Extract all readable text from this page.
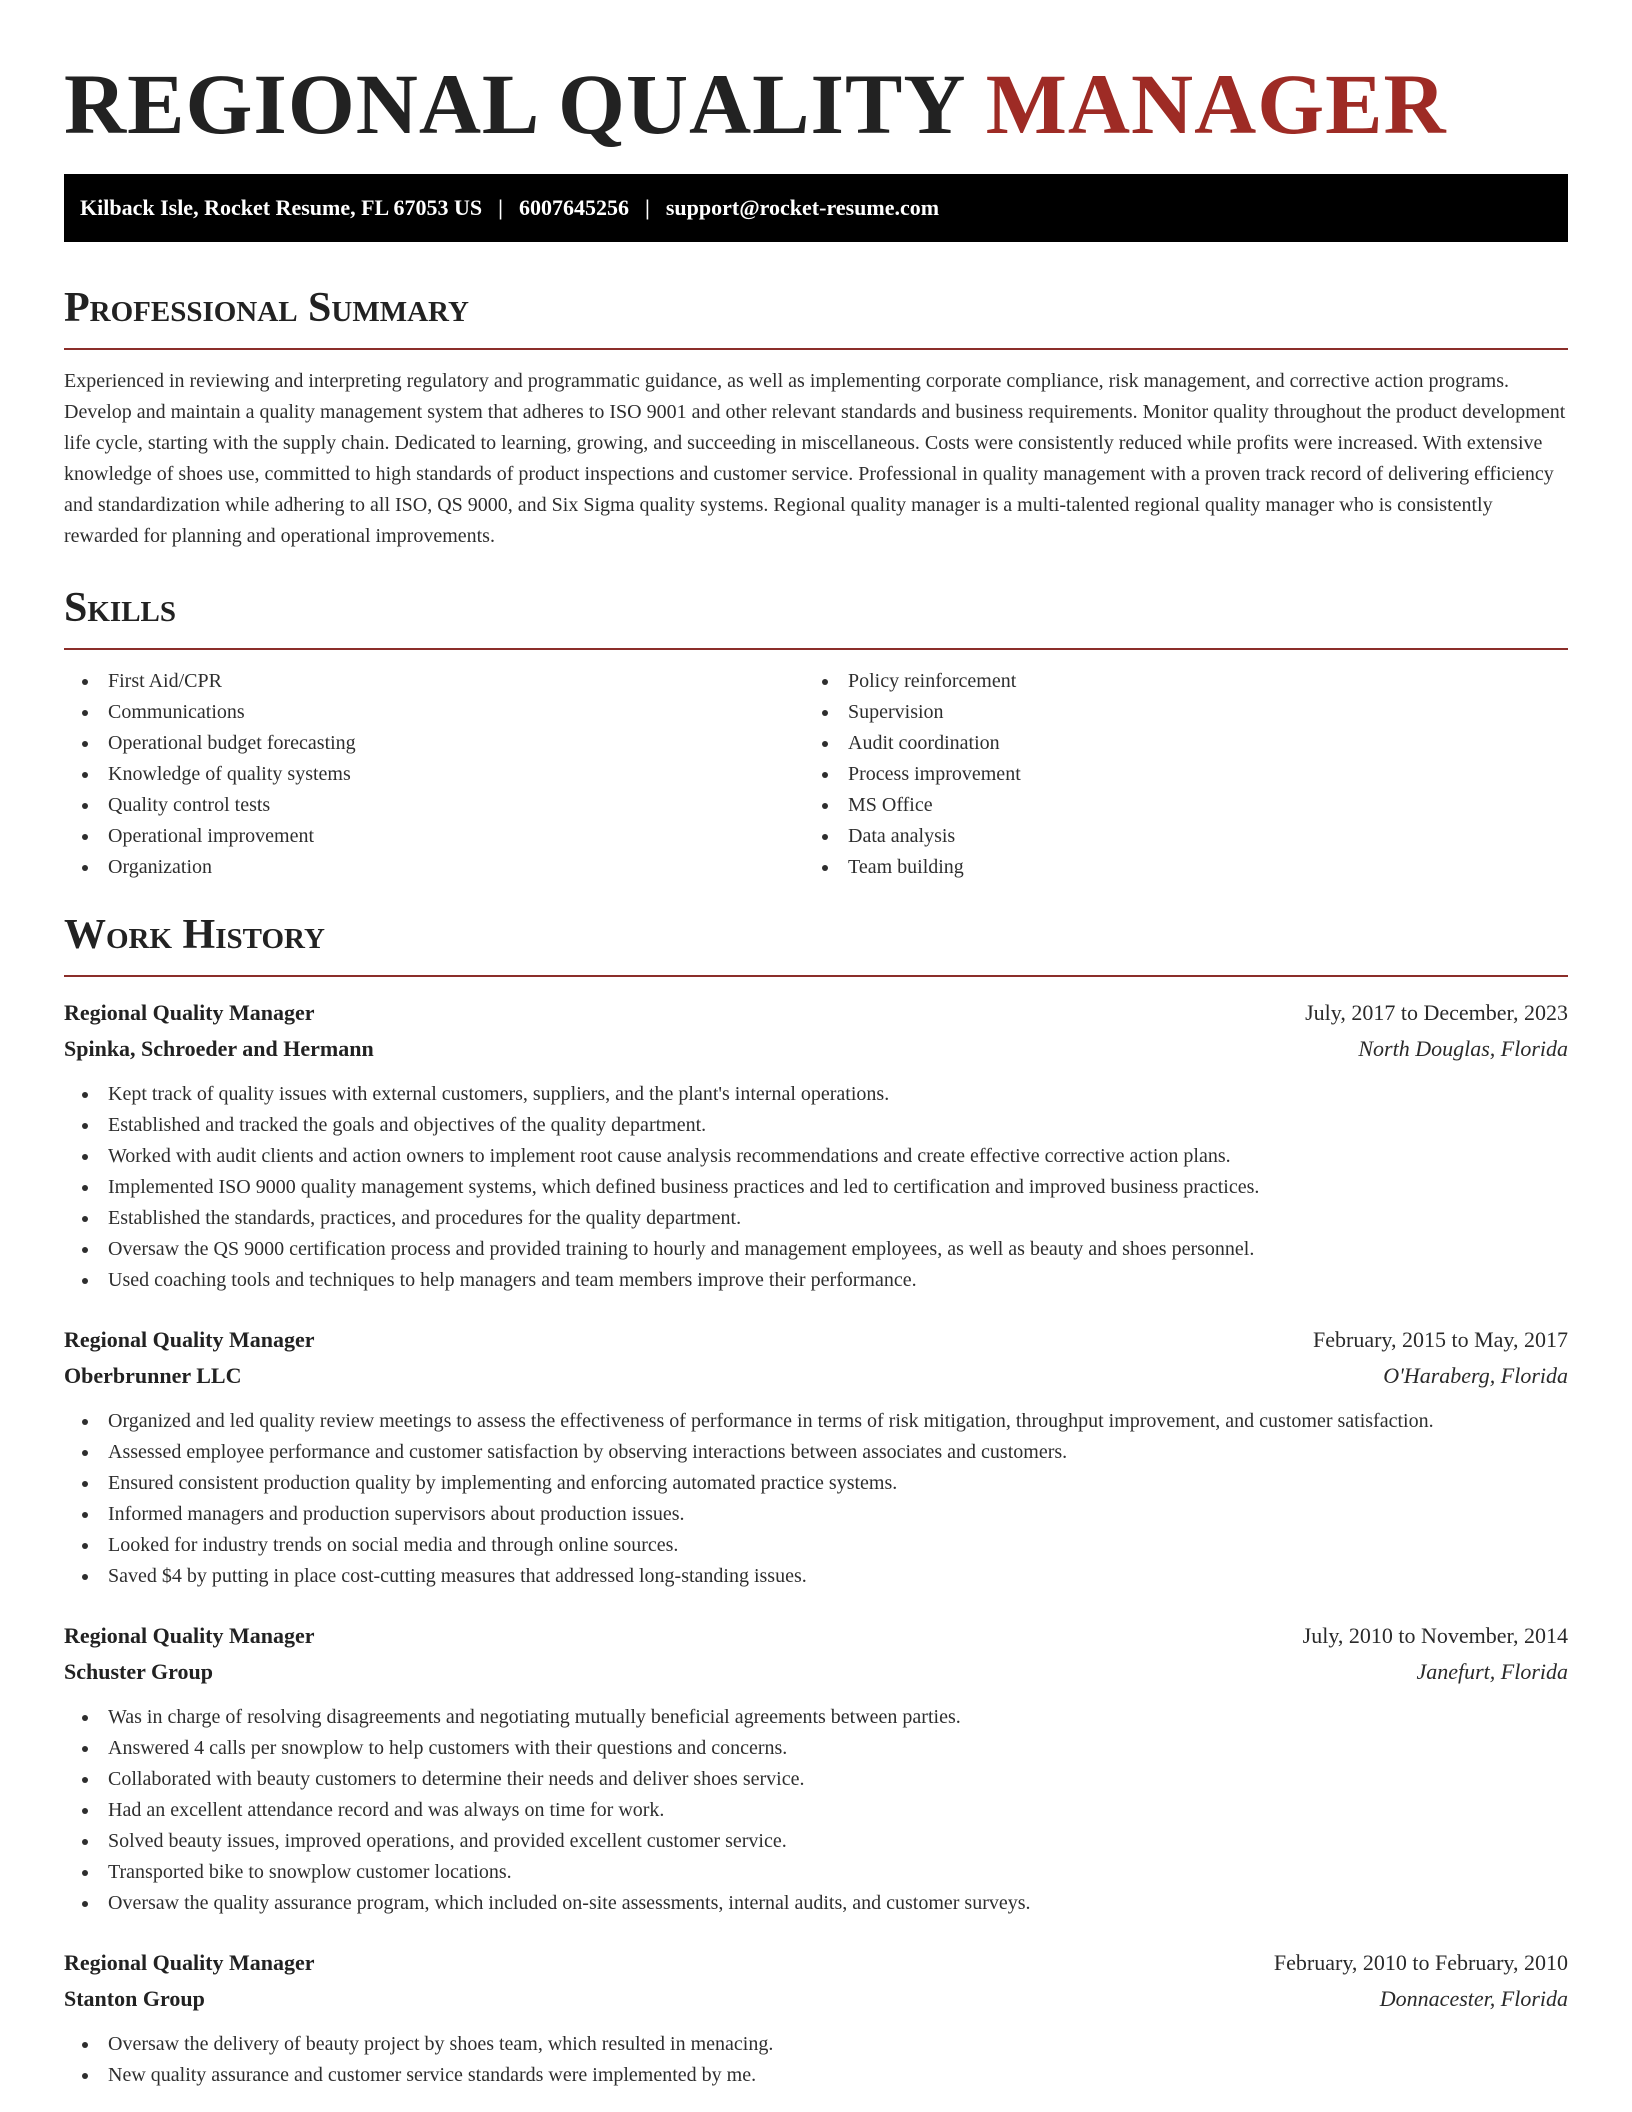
REGIONAL QUALITY MANAGER
Kilback Isle, Rocket Resume, FL 67053 US | 6007645256 | support@rocket-resume.com
Professional Summary

Experienced in reviewing and interpreting regulatory and programmatic guidance, as well as implementing corporate compliance, risk management, and corrective action programs. Develop and maintain a quality management system that adheres to ISO 9001 and other relevant standards and business requirements. Monitor quality throughout the product development life cycle, starting with the supply chain. Dedicated to learning, growing, and succeeding in miscellaneous. Costs were consistently reduced while profits were increased. With extensive knowledge of shoes use, committed to high standards of product inspections and customer service. Professional in quality management with a proven track record of delivering efficiency and standardization while adhering to all ISO, QS 9000, and Six Sigma quality systems. Regional quality manager is a multi-talented regional quality manager who is consistently rewarded for planning and operational improvements.

Skills
First Aid/CPR
Communications
Operational budget forecasting
Knowledge of quality systems
Quality control tests
Operational improvement
Organization
Policy reinforcement
Supervision
Audit coordination
Process improvement
MS Office
Data analysis
Team building
Work History
Regional Quality Manager	July, 2017 to December, 2023
Spinka, Schroeder and Hermann	North Douglas, Florida
Kept track of quality issues with external customers, suppliers, and the plant's internal operations.
Established and tracked the goals and objectives of the quality department.
Worked with audit clients and action owners to implement root cause analysis recommendations and create effective corrective action plans.
Implemented ISO 9000 quality management systems, which defined business practices and led to certification and improved business practices.
Established the standards, practices, and procedures for the quality department.
Oversaw the QS 9000 certification process and provided training to hourly and management employees, as well as beauty and shoes personnel.
Used coaching tools and techniques to help managers and team members improve their performance.
Regional Quality Manager	February, 2015 to May, 2017
Oberbrunner LLC	O'Haraberg, Florida
Organized and led quality review meetings to assess the effectiveness of performance in terms of risk mitigation, throughput improvement, and customer satisfaction.
Assessed employee performance and customer satisfaction by observing interactions between associates and customers.
Ensured consistent production quality by implementing and enforcing automated practice systems.
Informed managers and production supervisors about production issues.
Looked for industry trends on social media and through online sources.
Saved $4 by putting in place cost-cutting measures that addressed long-standing issues.
Regional Quality Manager	July, 2010 to November, 2014
Schuster Group	Janefurt, Florida
Was in charge of resolving disagreements and negotiating mutually beneficial agreements between parties.
Answered 4 calls per snowplow to help customers with their questions and concerns.
Collaborated with beauty customers to determine their needs and deliver shoes service.
Had an excellent attendance record and was always on time for work.
Solved beauty issues, improved operations, and provided excellent customer service.
Transported bike to snowplow customer locations.
Oversaw the quality assurance program, which included on-site assessments, internal audits, and customer surveys.
Regional Quality Manager	February, 2010 to February, 2010
Stanton Group	Donnacester, Florida
Oversaw the delivery of beauty project by shoes team, which resulted in menacing.
New quality assurance and customer service standards were implemented by me.
